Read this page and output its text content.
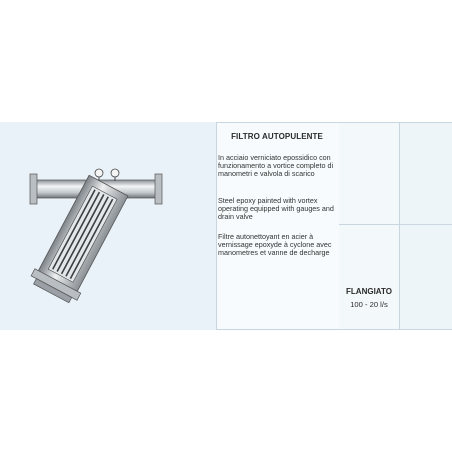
FILTRO AUTOPULENTE
In acciaio verniciato epossidico con funzionamento a vortice completo di manometri e valvola di scarico
Steel epoxy painted with vortex operating equipped with gauges and drain valve
Filtre autonettoyant en acier à vernissage epoxyde à cyclone avec manometres et vanne de decharge
FLANGIATO
100 - 20 l/s
